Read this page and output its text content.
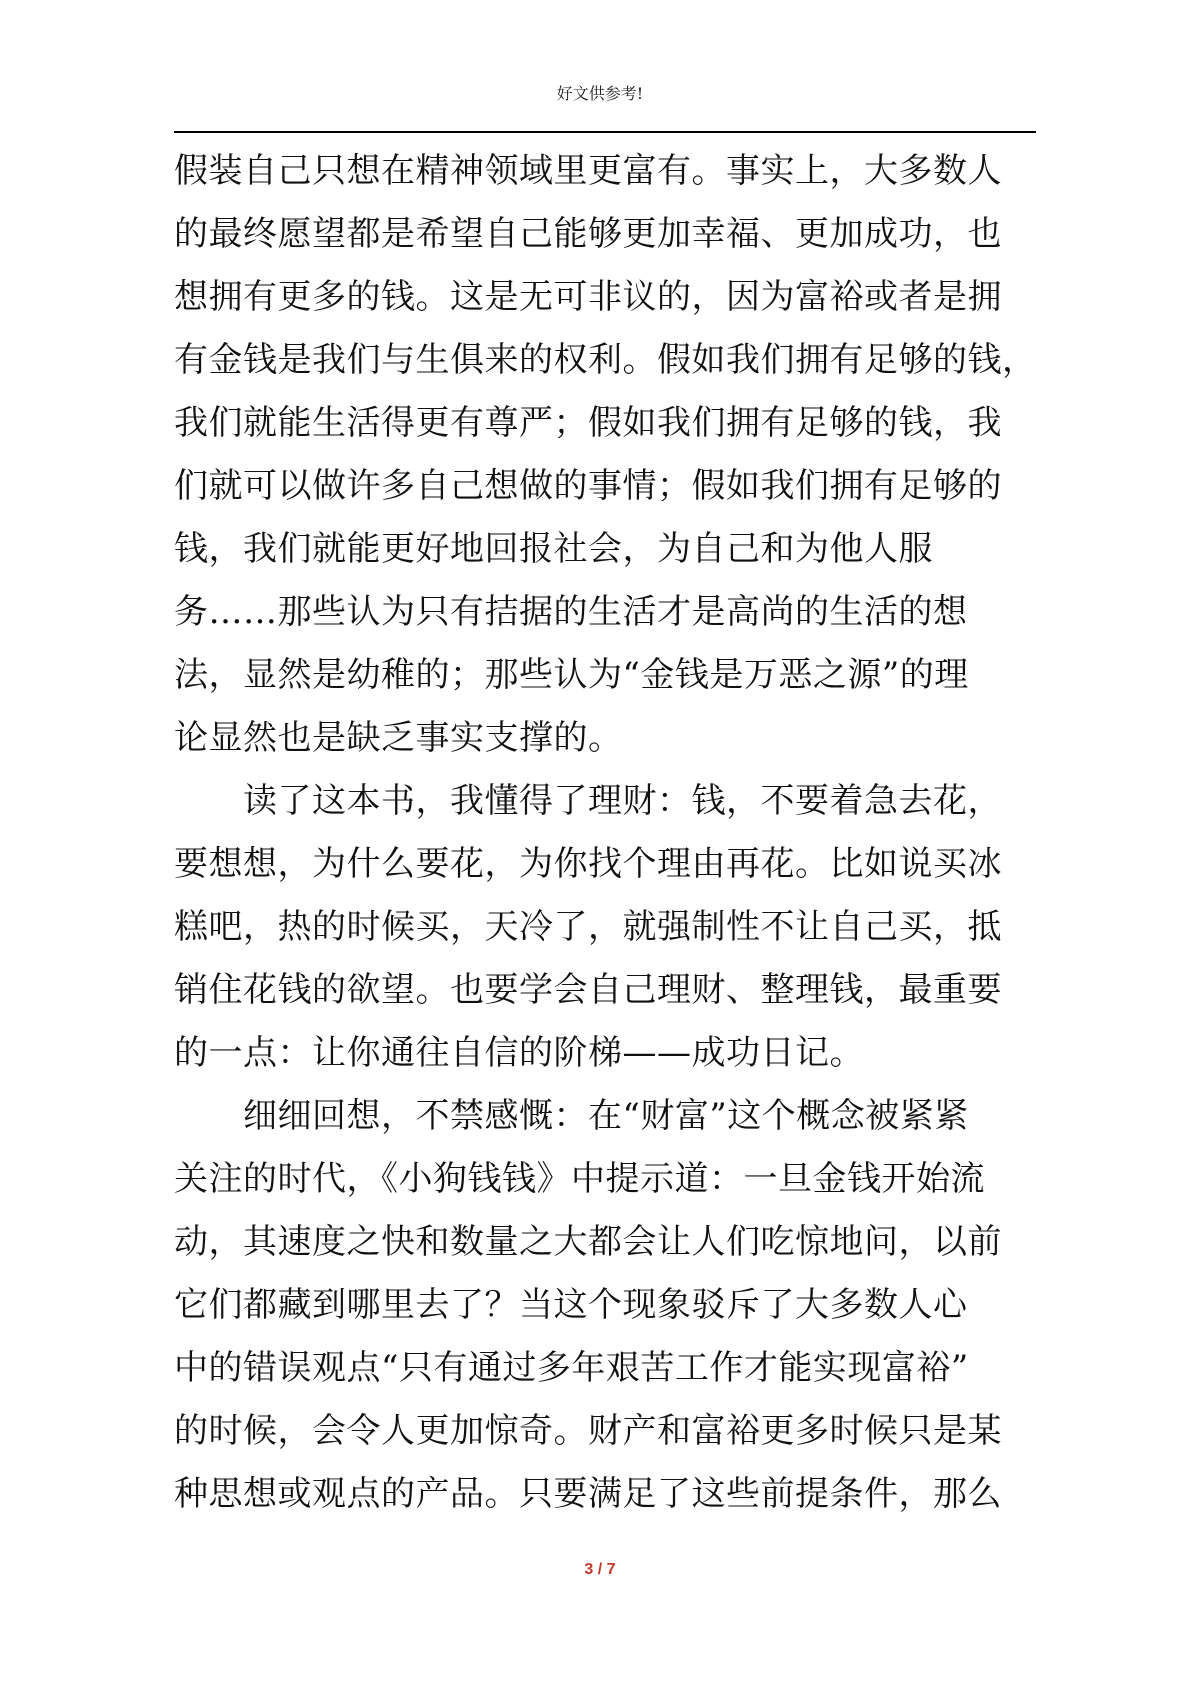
好文供参考!
假装自己只想在精神领域里更富有。事实上，大多数人
的最终愿望都是希望自己能够更加幸福、更加成功，也
想拥有更多的钱。这是无可非议的，因为富裕或者是拥
有金钱是我们与生俱来的权利。假如我们拥有足够的钱，
我们就能生活得更有尊严；假如我们拥有足够的钱，我
们就可以做许多自己想做的事情；假如我们拥有足够的
钱，我们就能更好地回报社会，为自己和为他人服
务……那些认为只有拮据的生活才是高尚的生活的想
法，显然是幼稚的；那些认为“金钱是万恶之源”的理
论显然也是缺乏事实支撑的。
　　读了这本书，我懂得了理财：钱，不要着急去花，
要想想，为什么要花，为你找个理由再花。比如说买冰
糕吧，热的时候买，天冷了，就强制性不让自己买，抵
销住花钱的欲望。也要学会自己理财、整理钱，最重要
的一点：让你通往自信的阶梯——成功日记。
　　细细回想，不禁感慨：在“财富”这个概念被紧紧
关注的时代，《小狗钱钱》中提示道：一旦金钱开始流
动，其速度之快和数量之大都会让人们吃惊地问，以前
它们都藏到哪里去了？当这个现象驳斥了大多数人心
中的错误观点“只有通过多年艰苦工作才能实现富裕”
的时候，会令人更加惊奇。财产和富裕更多时候只是某
种思想或观点的产品。只要满足了这些前提条件，那么
3 / 7
